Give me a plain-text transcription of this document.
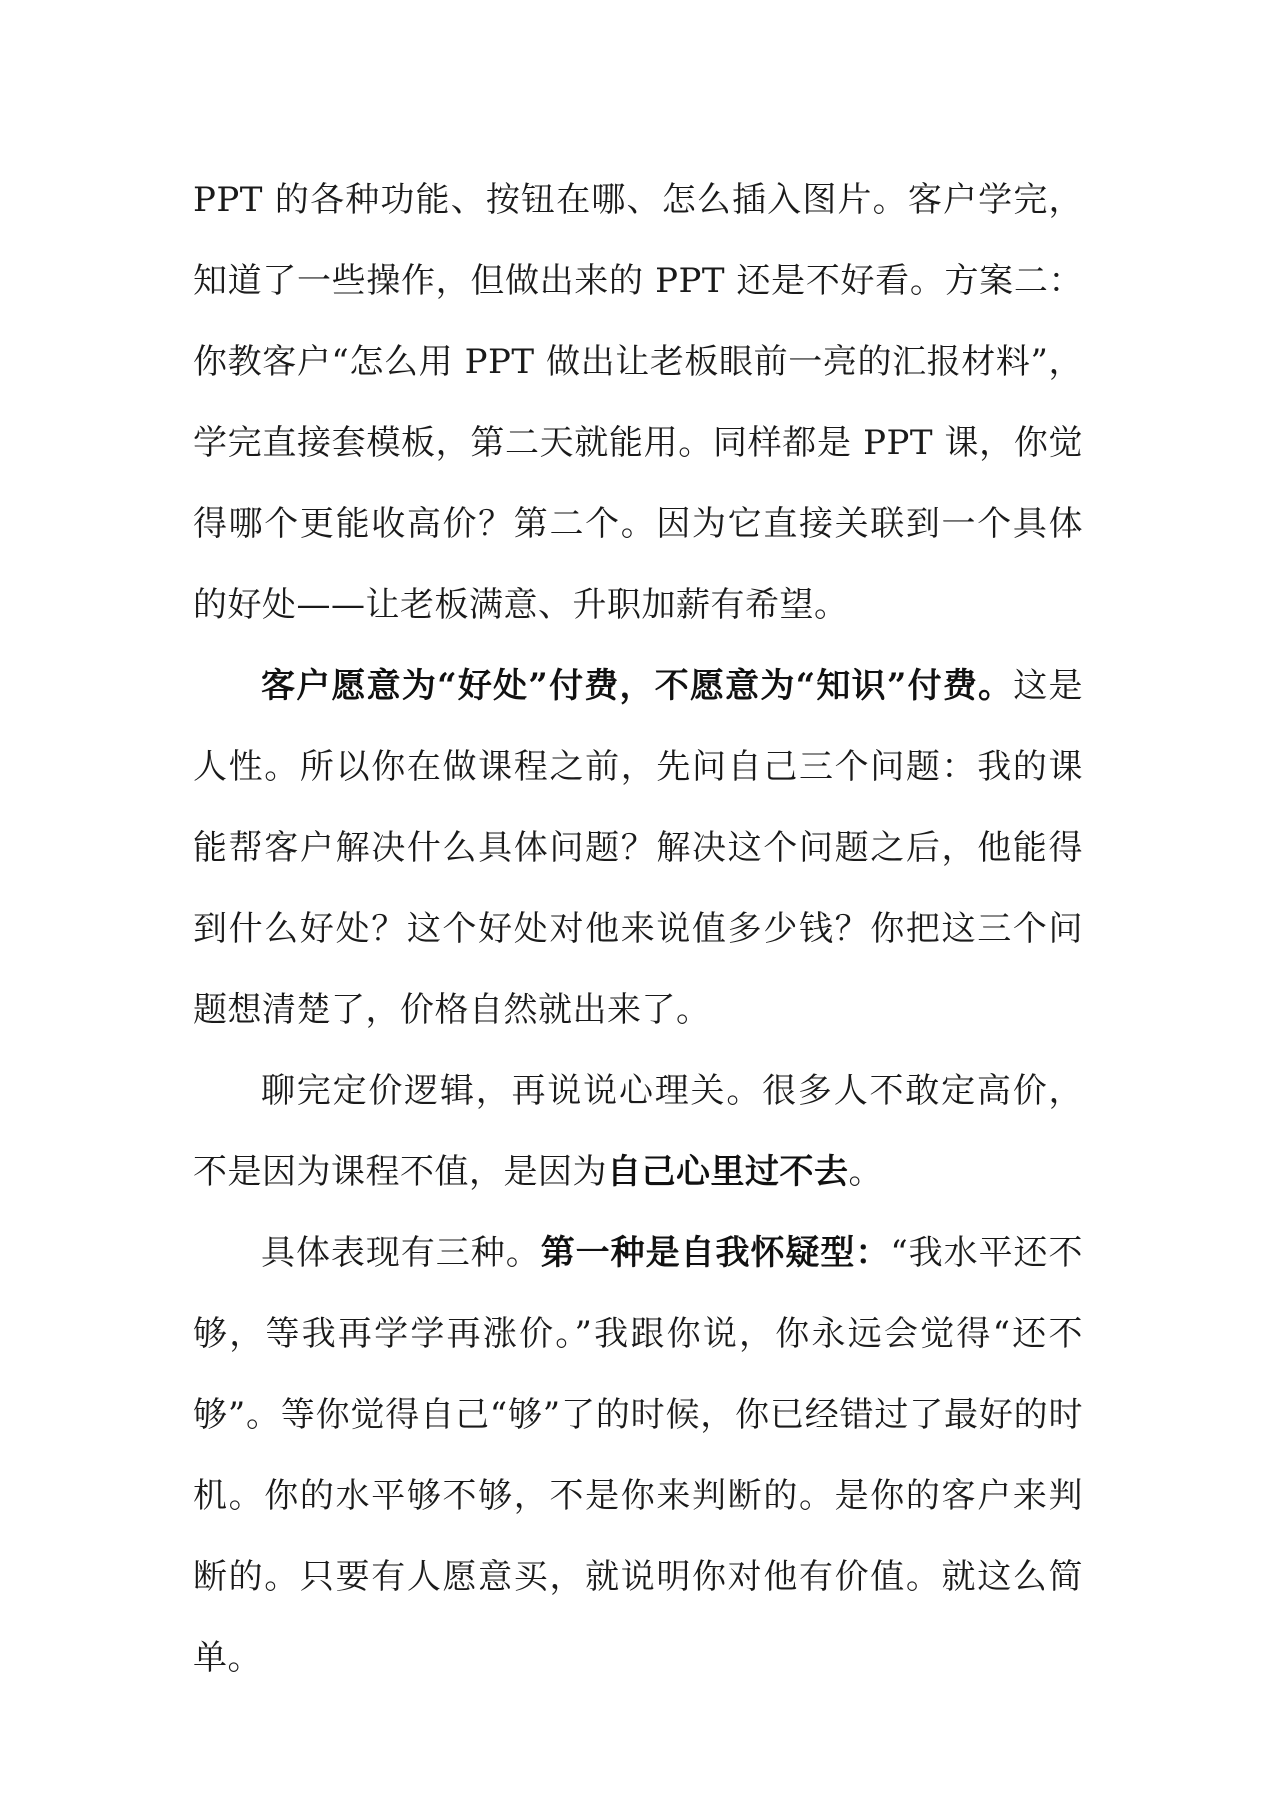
PPT 的各种功能、按钮在哪、怎么插入图片。客户学完，知道了一些操作，但做出来的 PPT 还是不好看。方案二：你教客户“怎么用 PPT 做出让老板眼前一亮的汇报材料”，学完直接套模板，第二天就能用。同样都是 PPT 课，你觉得哪个更能收高价？第二个。因为它直接关联到一个具体的好处——让老板满意、升职加薪有希望。

客户愿意为“好处”付费，不愿意为“知识”付费。这是人性。所以你在做课程之前，先问自己三个问题：我的课能帮客户解决什么具体问题？解决这个问题之后，他能得到什么好处？这个好处对他来说值多少钱？你把这三个问题想清楚了，价格自然就出来了。

聊完定价逻辑，再说说心理关。很多人不敢定高价，不是因为课程不值，是因为自己心里过不去。

具体表现有三种。第一种是自我怀疑型：“我水平还不够，等我再学学再涨价。”我跟你说，你永远会觉得“还不够”。等你觉得自己“够”了的时候，你已经错过了最好的时机。你的水平够不够，不是你来判断的。是你的客户来判断的。只要有人愿意买，就说明你对他有价值。就这么简单。
